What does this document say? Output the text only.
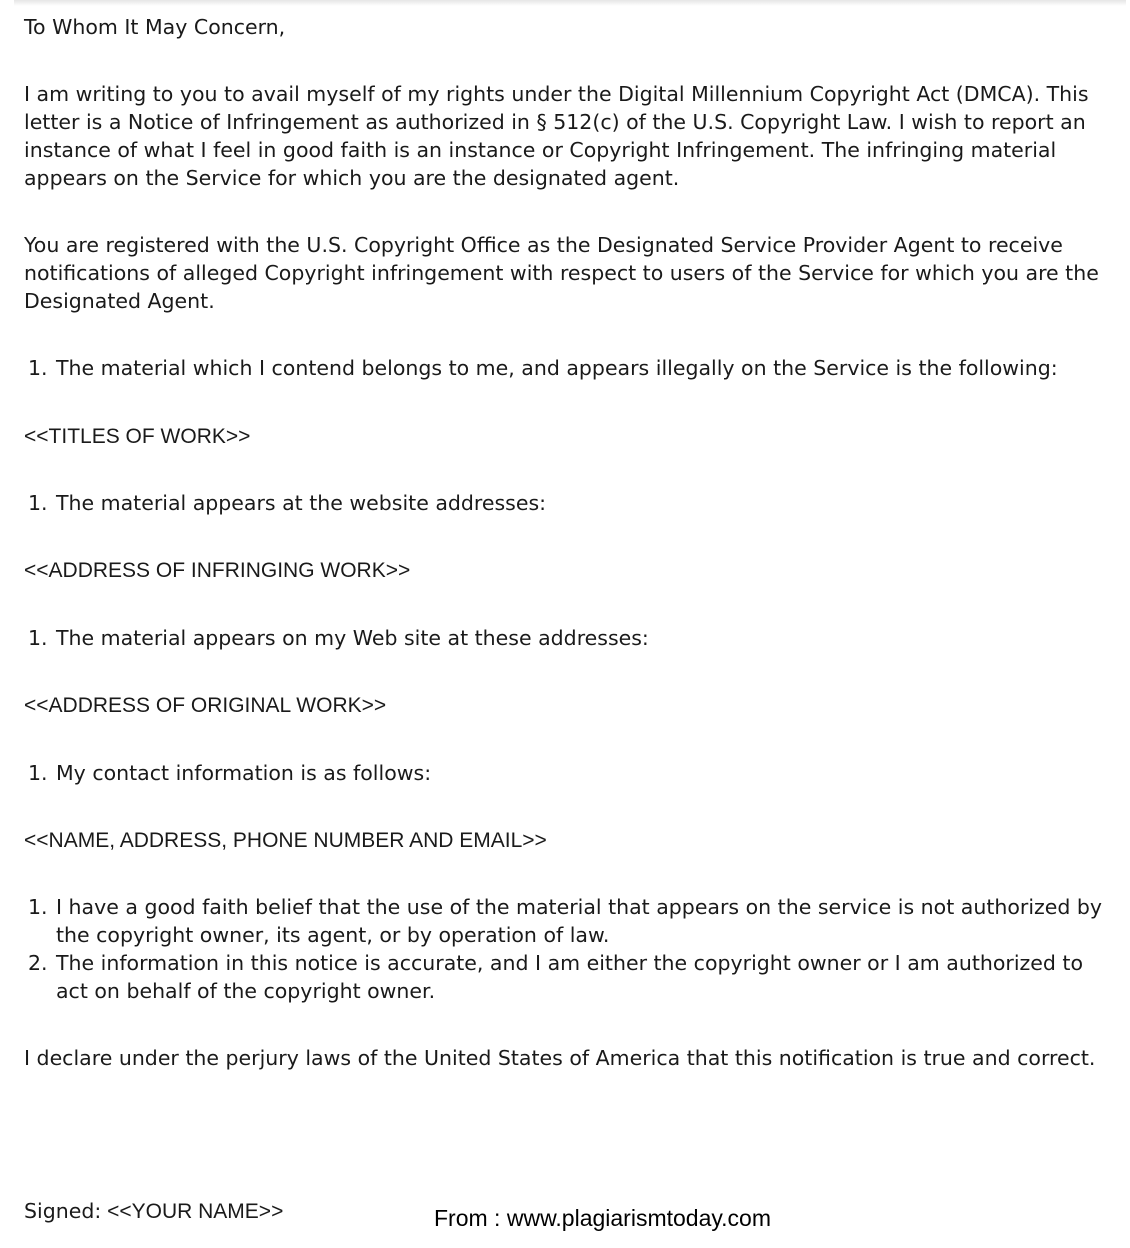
To Whom It May Concern,

I am writing to you to avail myself of my rights under the Digital Millennium Copyright Act (DMCA). This letter is a Notice of Infringement as authorized in § 512(c) of the U.S. Copyright Law. I wish to report an instance of what I feel in good faith is an instance or Copyright Infringement. The infringing material appears on the Service for which you are the designated agent.

You are registered with the U.S. Copyright Office as the Designated Service Provider Agent to receive notifications of alleged Copyright infringement with respect to users of the Service for which you are the Designated Agent.

1. The material which I contend belongs to me, and appears illegally on the Service is the following:

<<TITLES OF WORK>>

1. The material appears at the website addresses:

<<ADDRESS OF INFRINGING WORK>>

1. The material appears on my Web site at these addresses:

<<ADDRESS OF ORIGINAL WORK>>

1. My contact information is as follows:

<<NAME, ADDRESS, PHONE NUMBER AND EMAIL>>

1. I have a good faith belief that the use of the material that appears on the service is not authorized by the copyright owner, its agent, or by operation of law.
2. The information in this notice is accurate, and I am either the copyright owner or I am authorized to act on behalf of the copyright owner.

I declare under the perjury laws of the United States of America that this notification is true and correct.

Signed: <<YOUR NAME>>	From : www.plagiarismtoday.com
